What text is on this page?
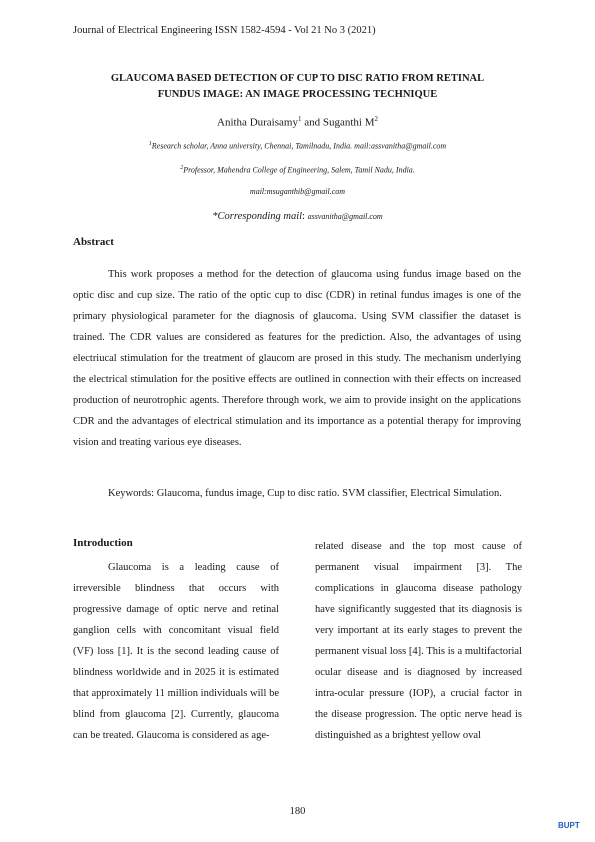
Journal of Electrical Engineering ISSN 1582-4594 - Vol 21 No 3 (2021)
GLAUCOMA BASED DETECTION OF CUP TO DISC RATIO FROM RETINAL
FUNDUS IMAGE: AN IMAGE PROCESSING TECHNIQUE
Anitha Duraisamy$^1$ and Suganthi $M^2$
$^1$Research scholar, Anna university, Chennai, Tamilnadu, India. mail:assvanitha@gmail.com
$^2$Professor, Mahendra College of Engineering, Salem, Tamil Nadu, India.
mail:msuganthib@gmail.com
*Corresponding mail: assvanitha@gmail.com
Abstract
This work proposes a method for the detection of glaucoma using fundus image based on the optic disc and cup size. The ratio of the optic cup to disc (CDR) in retinal fundus images is one of the primary physiological parameter for the diagnosis of glaucoma. Using SVM classifier the dataset is trained. The CDR values are considered as features for the prediction. Also, the advantages of using electriucal stimulation for the treatment of glaucom are prosed in this study. The mechanism underlying the electrical stimulation for the positive effects are outlined in connection with their effects on increased production of neurotrophic agents. Therefore through work, we aim to provide insight on the applications CDR and the advantages of electrical stimulation and its importance as a potential therapy for improving vision and treating various eye diseases.
Keywords: Glaucoma, fundus image, Cup to disc ratio. SVM classifier, Electrical Simulation.
Introduction
Glaucoma is a leading cause of irreversible blindness that occurs with progressive damage of optic nerve and retinal ganglion cells with concomitant visual field (VF) loss [1]. It is the second leading cause of blindness worldwide and in 2025 it is estimated that approximately 11 million individuals will be blind from glaucoma [2]. Currently, glaucoma can be treated. Glaucoma is considered as age-
related disease and the top most cause of permanent visual impairment [3]. The complications in glaucoma disease pathology have significantly suggested that its diagnosis is very important at its early stages to prevent the permanent visual loss [4]. This is a multifactorial ocular disease and is diagnosed by increased intra-ocular pressure (IOP), a crucial factor in the disease progression. The optic nerve head is distinguished as a brightest yellow oval
180
BUPT
